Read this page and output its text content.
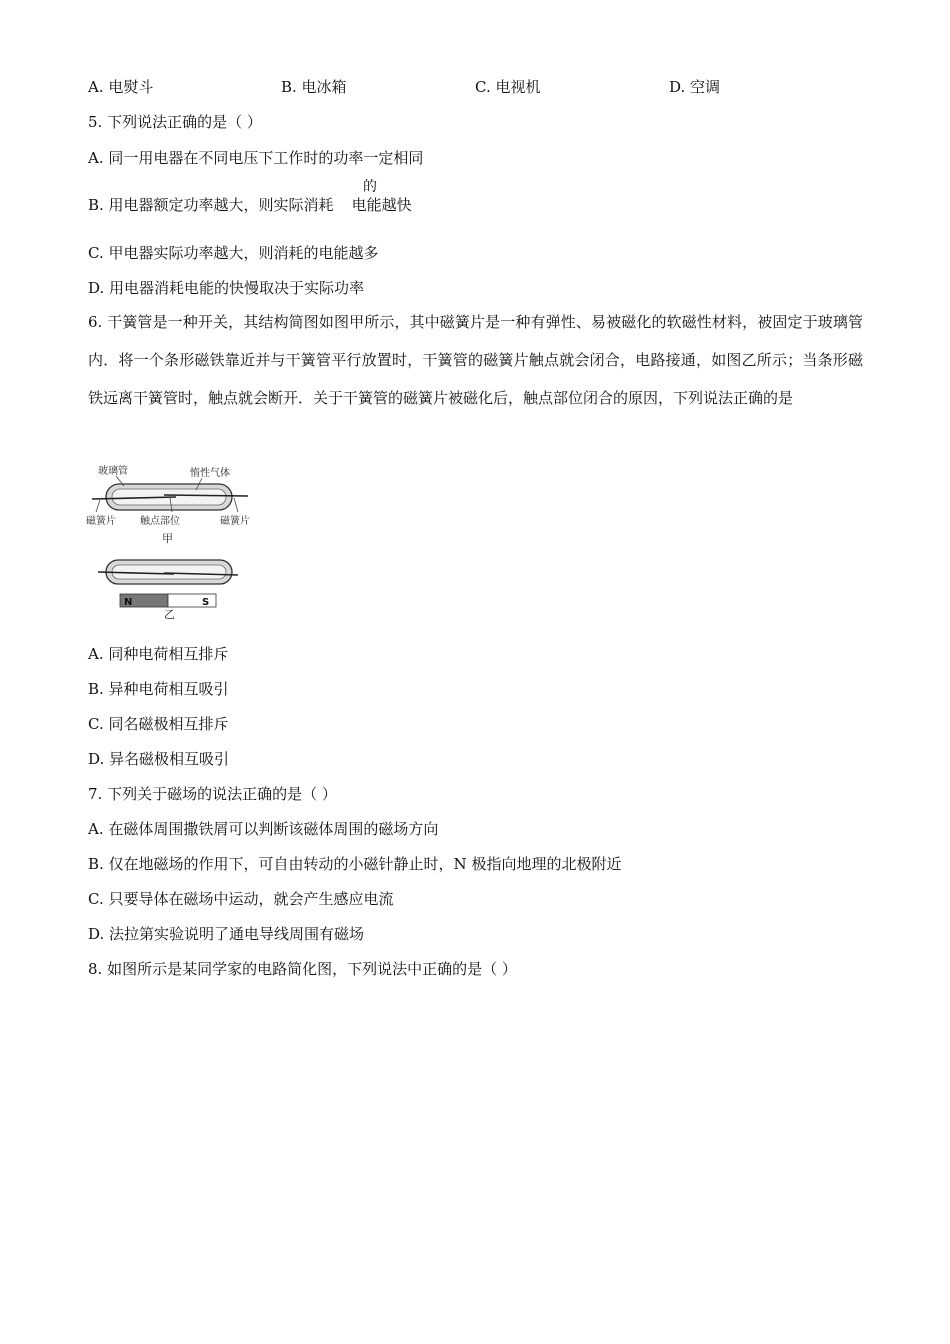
A. 电熨斗	B. 电冰箱	C. 电视机	D. 空调
5. 下列说法正确的是（ ）
A. 同一用电器在不同电压下工作时的功率一定相同
B. 用电器额定功率越大，则实际消耗 电能越快
的
C. 甲电器实际功率越大，则消耗的电能越多
D. 用电器消耗电能的快慢取决于实际功率
6. 干簧管是一种开关，其结构简图如图甲所示，其中磁簧片是一种有弹性、易被磁化的软磁性材料，被固定于玻璃管内．将一个条形磁铁靠近并与干簧管平行放置时，干簧管的磁簧片触点就会闭合，电路接通，如图乙所示；当条形磁铁远离干簧管时，触点就会断开．关于干簧管的磁簧片被磁化后，触点部位闭合的原因，下列说法正确的是
玻璃管	惰性气体
磁簧片 触点部位	磁簧片
甲
N	S
乙
A. 同种电荷相互排斥
B. 异种电荷相互吸引
C. 同名磁极相互排斥
D. 异名磁极相互吸引
7. 下列关于磁场的说法正确的是（ ）
A. 在磁体周围撒铁屑可以判断该磁体周围的磁场方向
B. 仅在地磁场的作用下，可自由转动的小磁针静止时，N 极指向地理的北极附近
C. 只要导体在磁场中运动，就会产生感应电流
D. 法拉第实验说明了通电导线周围有磁场
8. 如图所示是某同学家的电路简化图，下列说法中正确的是（ ）
